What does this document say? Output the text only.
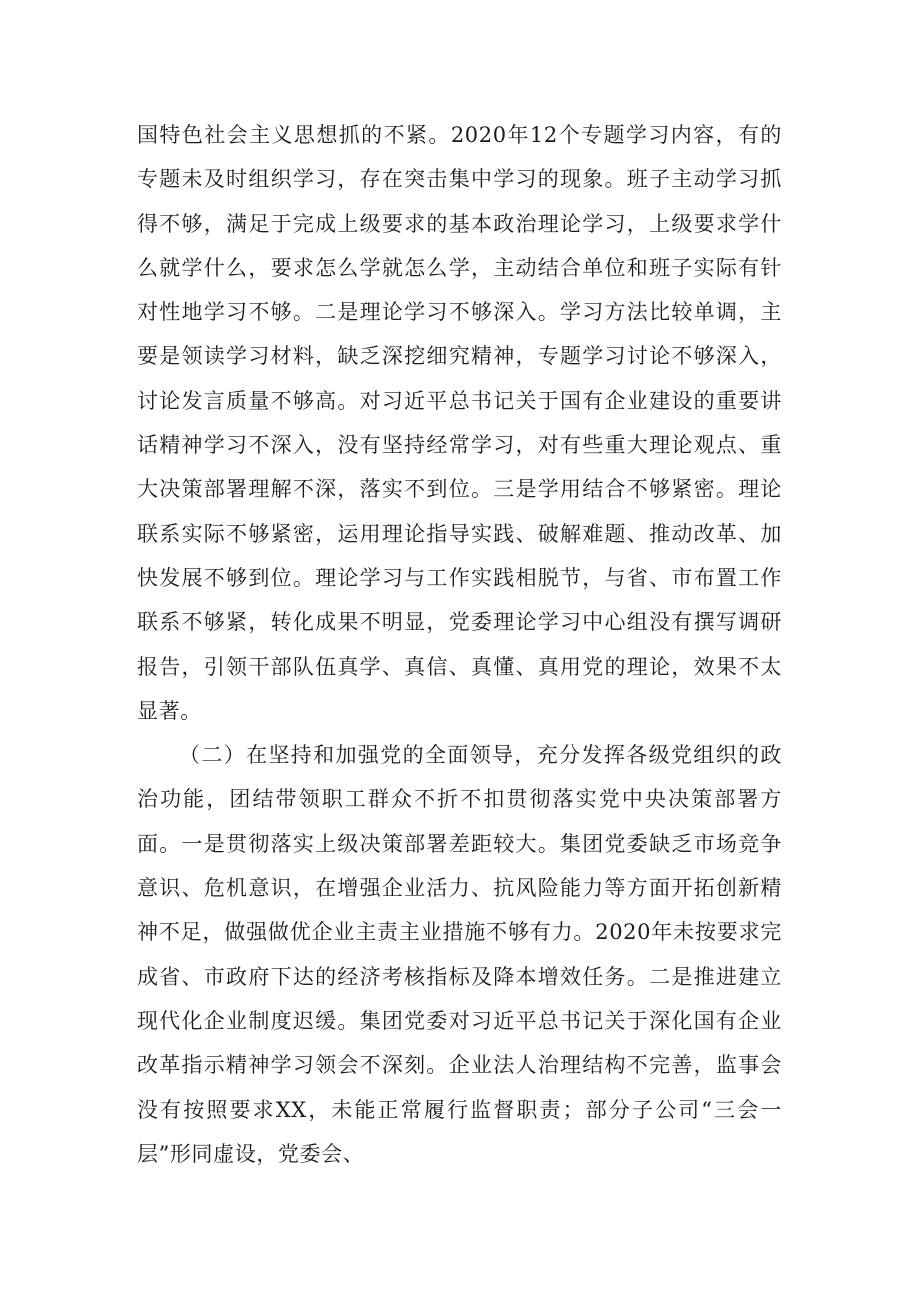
国特色社会主义思想抓的不紧。2020年12个专题学习内容，有的专题未及时组织学习，存在突击集中学习的现象。班子主动学习抓得不够，满足于完成上级要求的基本政治理论学习，上级要求学什么就学什么，要求怎么学就怎么学，主动结合单位和班子实际有针对性地学习不够。二是理论学习不够深入。学习方法比较单调，主要是领读学习材料，缺乏深挖细究精神，专题学习讨论不够深入，讨论发言质量不够高。对习近平总书记关于国有企业建设的重要讲话精神学习不深入，没有坚持经常学习，对有些重大理论观点、重大决策部署理解不深，落实不到位。三是学用结合不够紧密。理论联系实际不够紧密，运用理论指导实践、破解难题、推动改革、加快发展不够到位。理论学习与工作实践相脱节，与省、市布置工作联系不够紧，转化成果不明显，党委理论学习中心组没有撰写调研报告，引领干部队伍真学、真信、真懂、真用党的理论，效果不太显著。

（二）在坚持和加强党的全面领导，充分发挥各级党组织的政治功能，团结带领职工群众不折不扣贯彻落实党中央决策部署方面。一是贯彻落实上级决策部署差距较大。集团党委缺乏市场竞争意识、危机意识，在增强企业活力、抗风险能力等方面开拓创新精神不足，做强做优企业主责主业措施不够有力。2020年未按要求完成省、市政府下达的经济考核指标及降本增效任务。二是推进建立现代化企业制度迟缓。集团党委对习近平总书记关于深化国有企业改革指示精神学习领会不深刻。企业法人治理结构不完善，监事会没有按照要求XX，未能正常履行监督职责；部分子公司“三会一层”形同虚设，党委会、
